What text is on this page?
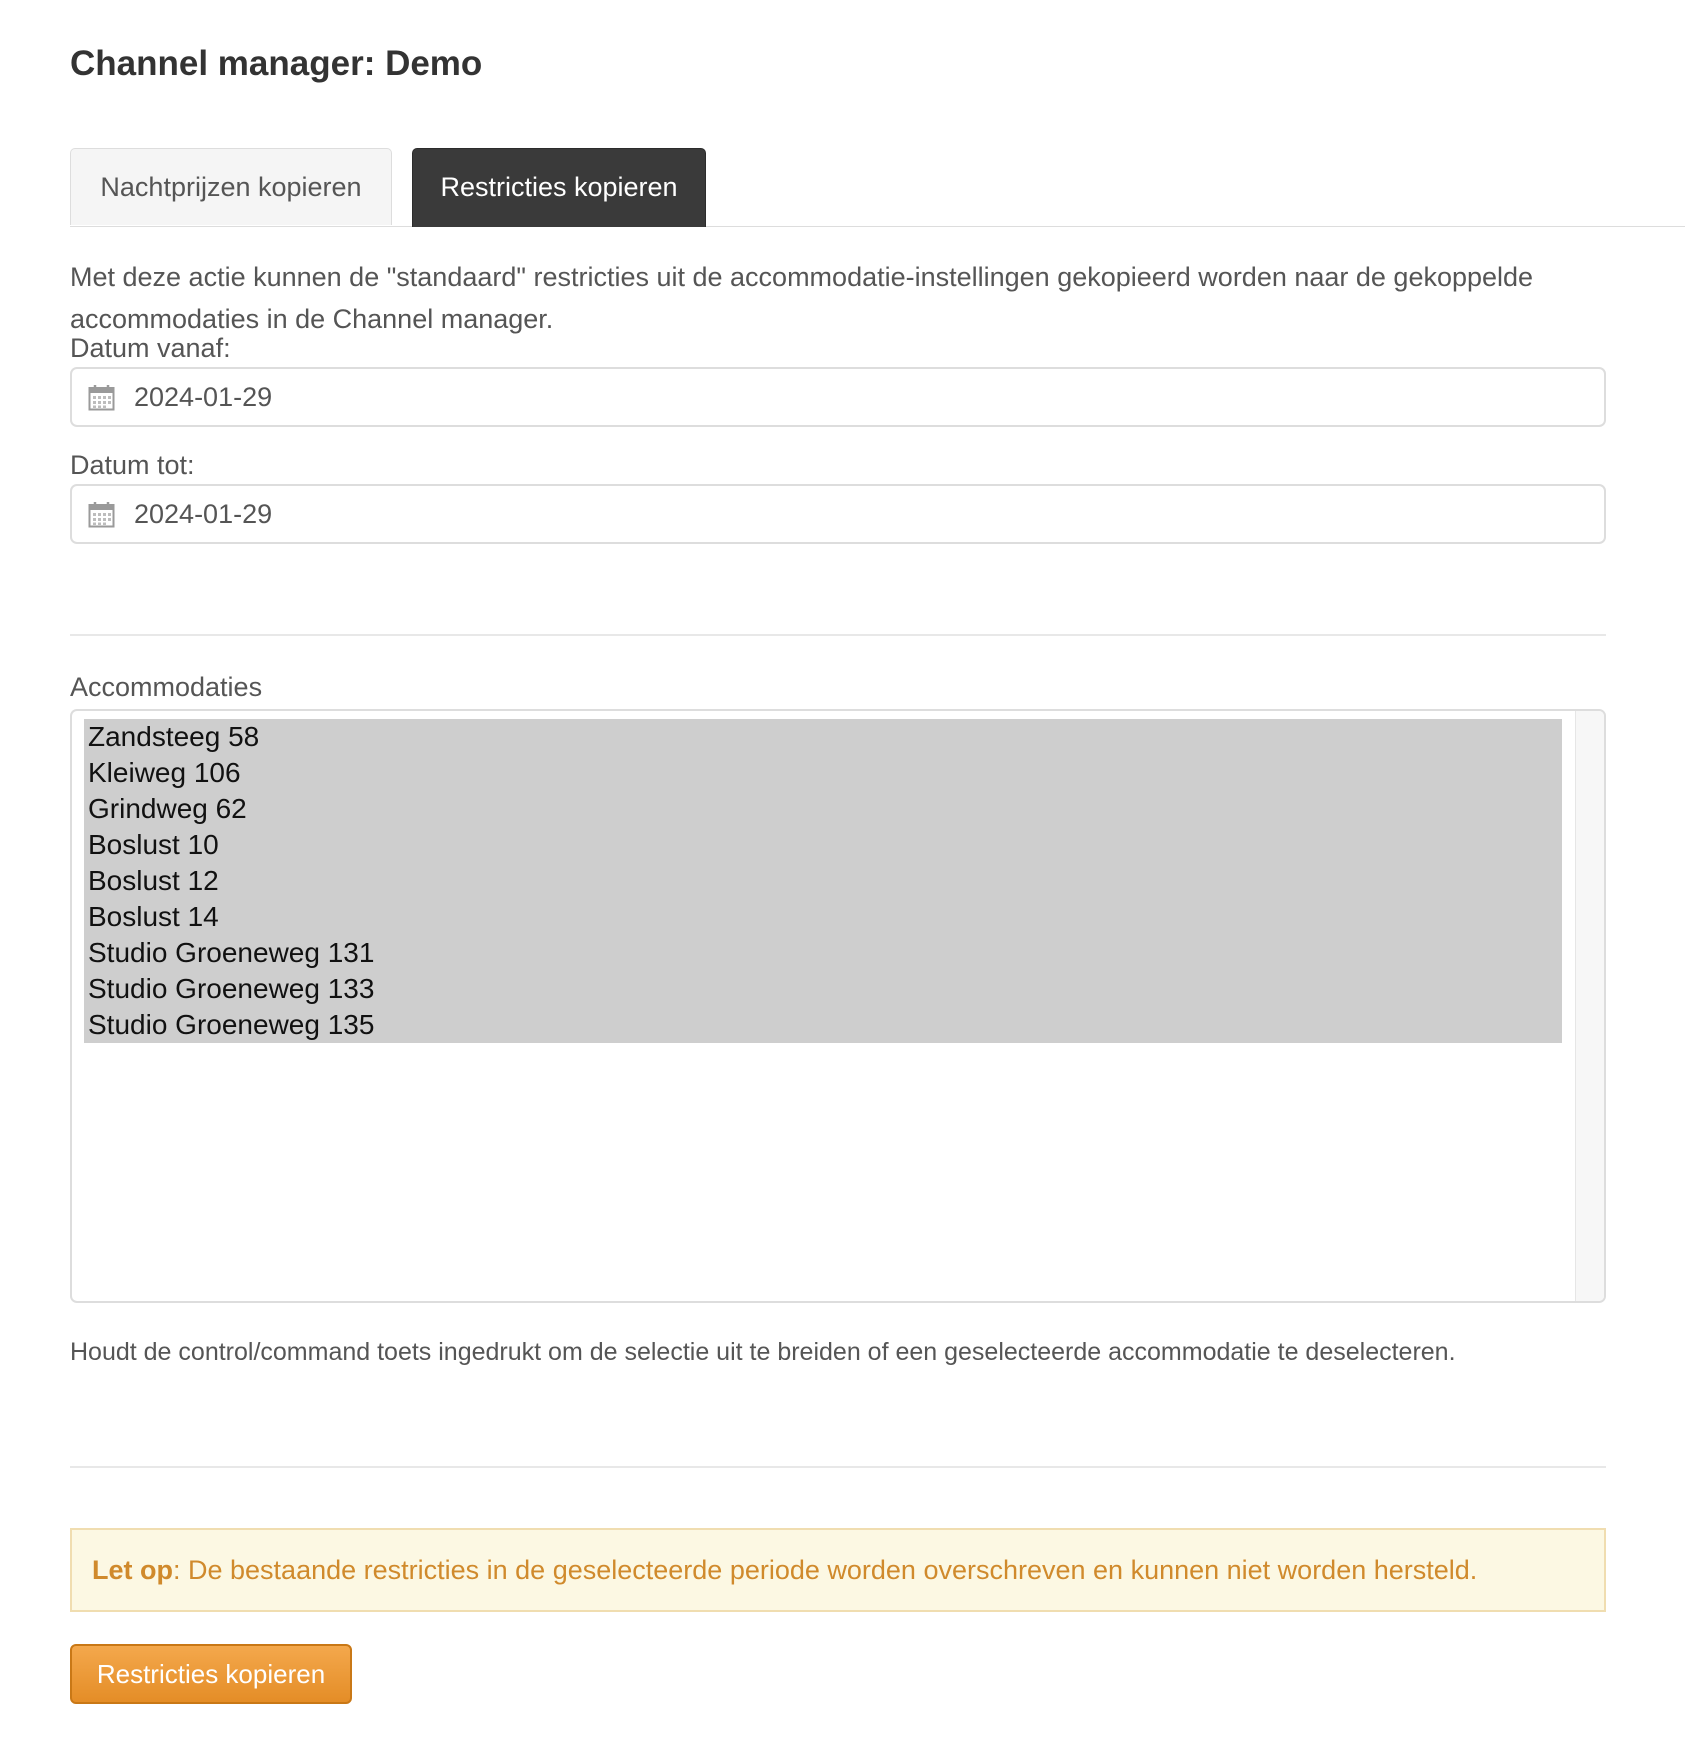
Channel manager: Demo
Nachtprijzen kopieren	Restricties kopieren

Met deze actie kunnen de "standaard" restricties uit de accommodatie-instellingen gekopieerd worden naar de gekoppelde accommodaties in de Channel manager.

Datum vanaf:
2024-01-29
Datum tot:
2024-01-29
Accommodaties
Zandsteeg 58
Kleiweg 106
Grindweg 62
Boslust 10
Boslust 12
Boslust 14
Studio Groeneweg 131
Studio Groeneweg 133
Studio Groeneweg 135

Houdt de control/command toets ingedrukt om de selectie uit te breiden of een geselecteerde accommodatie te deselecteren.

Let op: De bestaande restricties in de geselecteerde periode worden overschreven en kunnen niet worden hersteld.
Restricties kopieren
